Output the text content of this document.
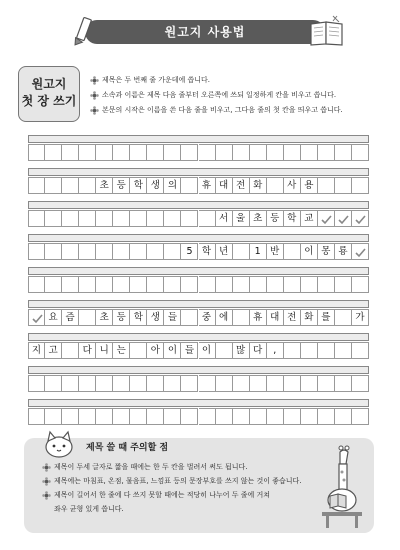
원고지 사용법
원고지
첫 장 쓰기
제목은 두 번째 줄 가운데에 씁니다.
소속과 이름은 제목 다음 줄부터 오른쪽에 쓰되 일정하게 칸을 비우고 씁니다.
본문의 시작은 이름을 쓴 다음 줄을 비우고, 그다음 줄의 첫 칸을 띄우고 씁니다.
초 등 학 생 의	휴 대 전 화	사 용
서 울 초 등 학 교
5 학 년	1 반	이 몽 룡
요 즘	초 등 학 생 들	중 에	휴 대 전 화 를	가
지 고	다 니 는	아 이 들 이	많 다	,
제목 쓸 때 주의할 점
제목이 두세 글자로 짧을 때에는 한 두 칸을 벌려서 써도 됩니다.
제목에는 마침표, 온점, 물음표, 느낌표 등의 문장부호를 쓰지 않는 것이 좋습니다.
제목이 길어서 한 줄에 다 쓰지 못할 때에는 적당히 나누어 두 줄에 거쳐
좌우 균형 있게 씁니다.
